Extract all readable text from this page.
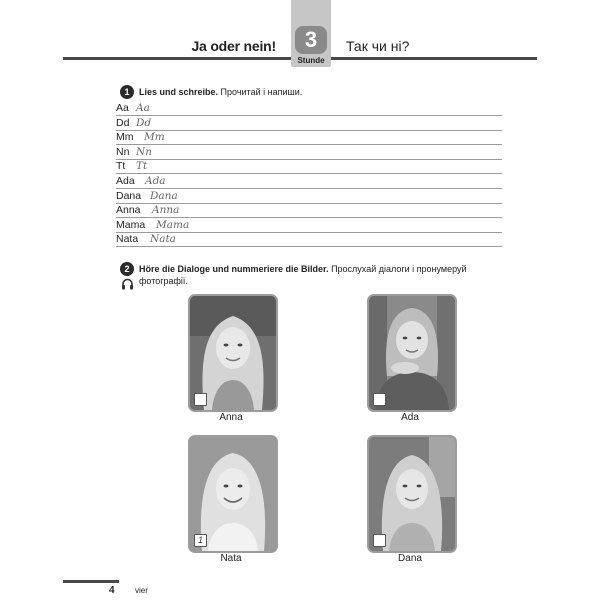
Ja oder nein!	Так чи ні?
3
Stunde
1	Lies und schreibe. Прочитай і напиши.
Aa Aa
Dd Dd
Mm Mm
Nn Nn
Tt Tt
Ada Ada
Dana Dana
Anna Anna
Mama Mama
Nata Nata
2	Höre die Dialoge und nummeriere die Bilder. Прослухай діалоги і пронумеруй
фотографії.
Anna	Ada
1
Nata	Dana
4	vier
